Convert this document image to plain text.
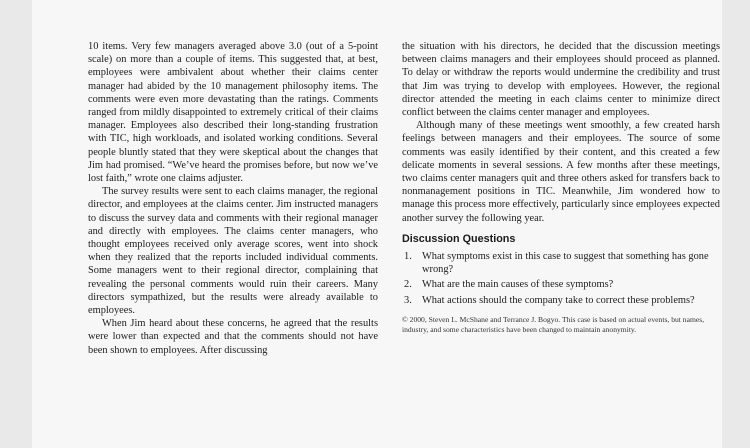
10 items. Very few managers averaged above 3.0 (out of a 5-point scale) on more than a couple of items. This suggested that, at best, employees were ambivalent about whether their claims center manager had abided by the 10 management philosophy items. The comments were even more devastating than the ratings. Comments ranged from mildly disappointed to extremely critical of their claims manager. Employees also described their long-standing frustration with TIC, high workloads, and isolated working conditions. Several people bluntly stated that they were skeptical about the changes that Jim had promised. “We’ve heard the promises before, but now we’ve lost faith,” wrote one claims adjuster.

The survey results were sent to each claims manager, the regional director, and employees at the claims center. Jim instructed managers to discuss the survey data and comments with their regional manager and directly with employees. The claims center managers, who thought employees received only average scores, went into shock when they realized that the reports included individual comments. Some managers went to their regional director, complaining that revealing the personal comments would ruin their careers. Many directors sympathized, but the results were already available to employees.

When Jim heard about these concerns, he agreed that the results were lower than expected and that the comments should not have been shown to employees. After discussing

the situation with his directors, he decided that the discussion meetings between claims managers and their employees should proceed as planned. To delay or withdraw the reports would undermine the credibility and trust that Jim was trying to develop with employees. However, the regional director attended the meeting in each claims center to minimize direct conflict between the claims center manager and employees.

Although many of these meetings went smoothly, a few created harsh feelings between managers and their employees. The source of some comments was easily identified by their content, and this created a few delicate moments in several sessions. A few months after these meetings, two claims center managers quit and three others asked for transfers back to nonmanagement positions in TIC. Meanwhile, Jim wondered how to manage this process more effectively, particularly since employees expected another survey the following year.

Discussion Questions
1. What symptoms exist in this case to suggest that something has gone wrong?
2. What are the main causes of these symptoms?
3. What actions should the company take to correct these problems?
© 2000, Steven L. McShane and Terrance J. Bogyo. This case is based on actual events, but names, industry, and some characteristics have been changed to maintain anonymity.
